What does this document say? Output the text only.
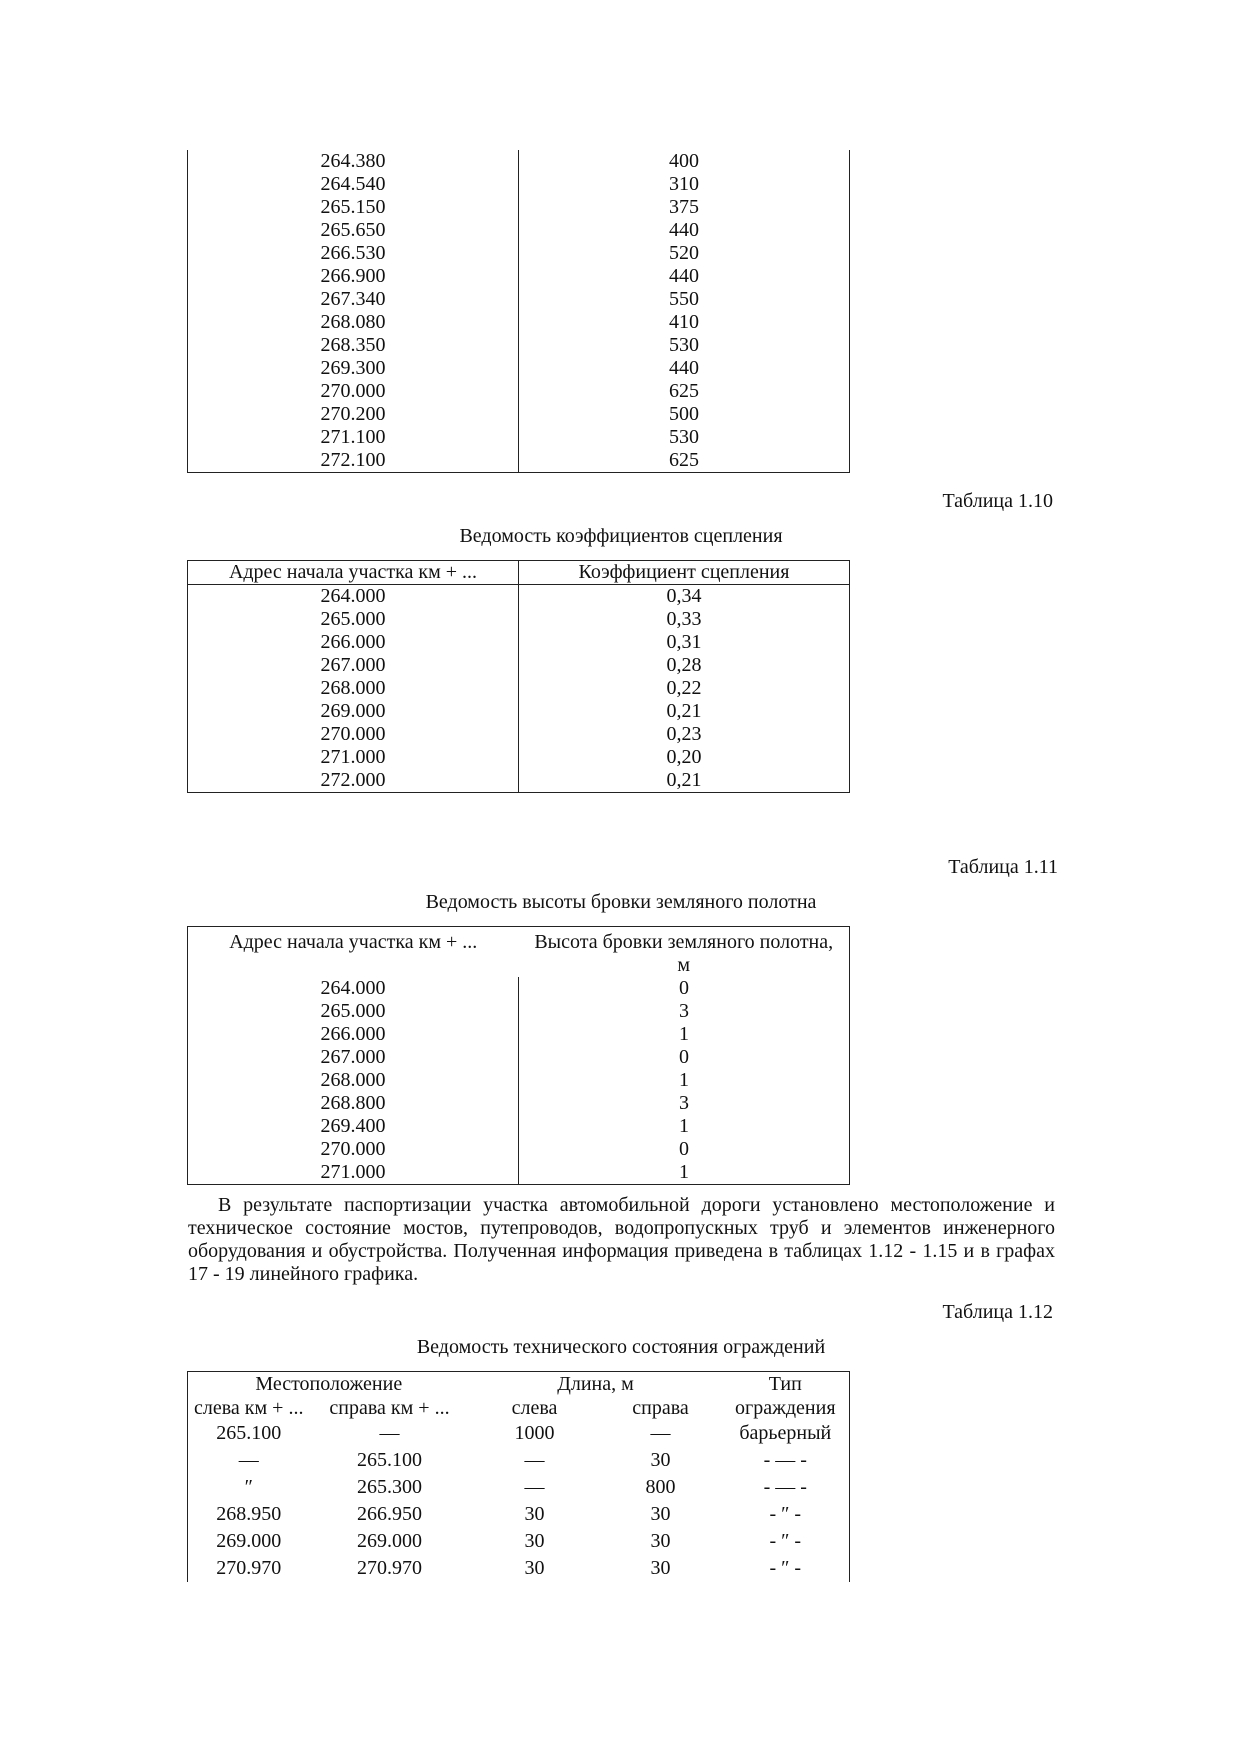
264.380	400
264.540	310
265.150	375
265.650	440
266.530	520
266.900	440
267.340	550
268.080	410
268.350	530
269.300	440
270.000	625
270.200	500
271.100	530
272.100	625
Таблица 1.10
Ведомость коэффициентов сцепления
Адрес начала участка км + ...	Коэффициент сцепления
264.000	0,34
265.000	0,33
266.000	0,31
267.000	0,28
268.000	0,22
269.000	0,21
270.000	0,23
271.000	0,20
272.000	0,21
Таблица 1.11
Ведомость высоты бровки земляного полотна
Адрес начала участка км + ...	Высота бровки земляного полотна,
	м
264.000	0
265.000	3
266.000	1
267.000	0
268.000	1
268.800	3
269.400	1
270.000	0
271.000	1
В результате паспортизации участка автомобильной дороги установлено местоположение и техническое состояние мостов, путепроводов, водопропускных труб и элементов инженерного оборудования и обустройства. Полученная информация приведена в таблицах 1.12 - 1.15 и в графах 17 - 19 линейного графика.
Таблица 1.12
Ведомость технического состояния ограждений
Местоположение		Длина, м		Тип
слева км + ...	справа км + ...	слева	справа	ограждения
265.100	—	1000	—	барьерный
—	265.100	—	30	- — -
″	265.300	—	800	- — -
268.950	266.950	30	30	- ″ -
269.000	269.000	30	30	- ″ -
270.970	270.970	30	30	- ″ -
